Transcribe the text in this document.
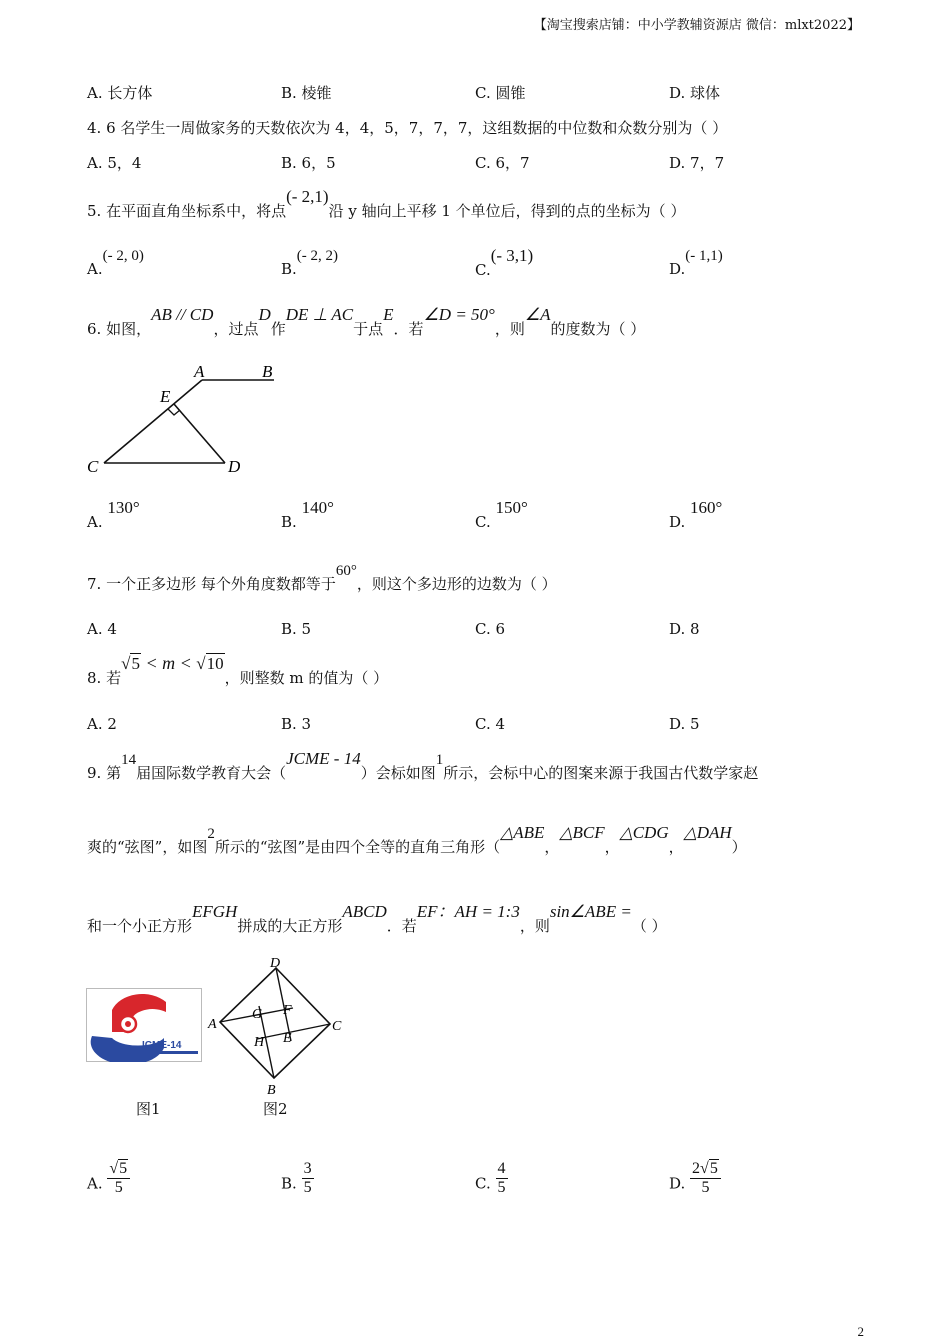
【淘宝搜索店铺：中小学教辅资源店 微信：mlxt2022】
A. 长方体	B. 棱锥	C. 圆锥	D. 球体
4. 6 名学生一周做家务的天数依次为 4，4，5，7，7，7，这组数据的中位数和众数分别为（ ）
A. 5，4	B. 6，5	C. 6，7	D. 7，7
5. 在平面直角坐标系中，将点(- 2,1)沿 y 轴向上平移 1 个单位后，得到的点的坐标为（ ）
A.(- 2, 0)
B.(- 2, 2)
C.(- 3,1)
D.(- 1,1)
6. 如图，AB // CD，过点D作DE ⊥ AC于点E．若∠D = 50°，则∠A的度数为（ ）
A	B
E
C	D
A. 130°
B. 140°
C. 150°
D. 160°
7. 一个正多边形 每个外角度数都等于60°，则这个多边形的边数为（ ）
A. 4	B. 5	C. 6	D. 8
8. 若√5 < m < √10，则整数 m 的值为（ ）
A. 2	B. 3	C. 4	D. 5
9. 第14届国际数学教育大会（JCME - 14）会标如图1所示，会标中心的图案来源于我国古代数学家赵
爽的“弦图”，如图2所示的“弦图”是由四个全等的直角三角形（△ABE，△BCF，△CDG，△DAH）
和一个小正方形EFGH拼成的大正方形ABCD．若EF：AH = 1:3，则sin∠ABE =（ ）
ICME-14
图1
D
C
B
A
G F
H E
图2
A. $\frac{√5}{5}$	B. $\frac{3}{5}$	C. $\frac{4}{5}$	D. $\frac{2√5}{5}$
2
